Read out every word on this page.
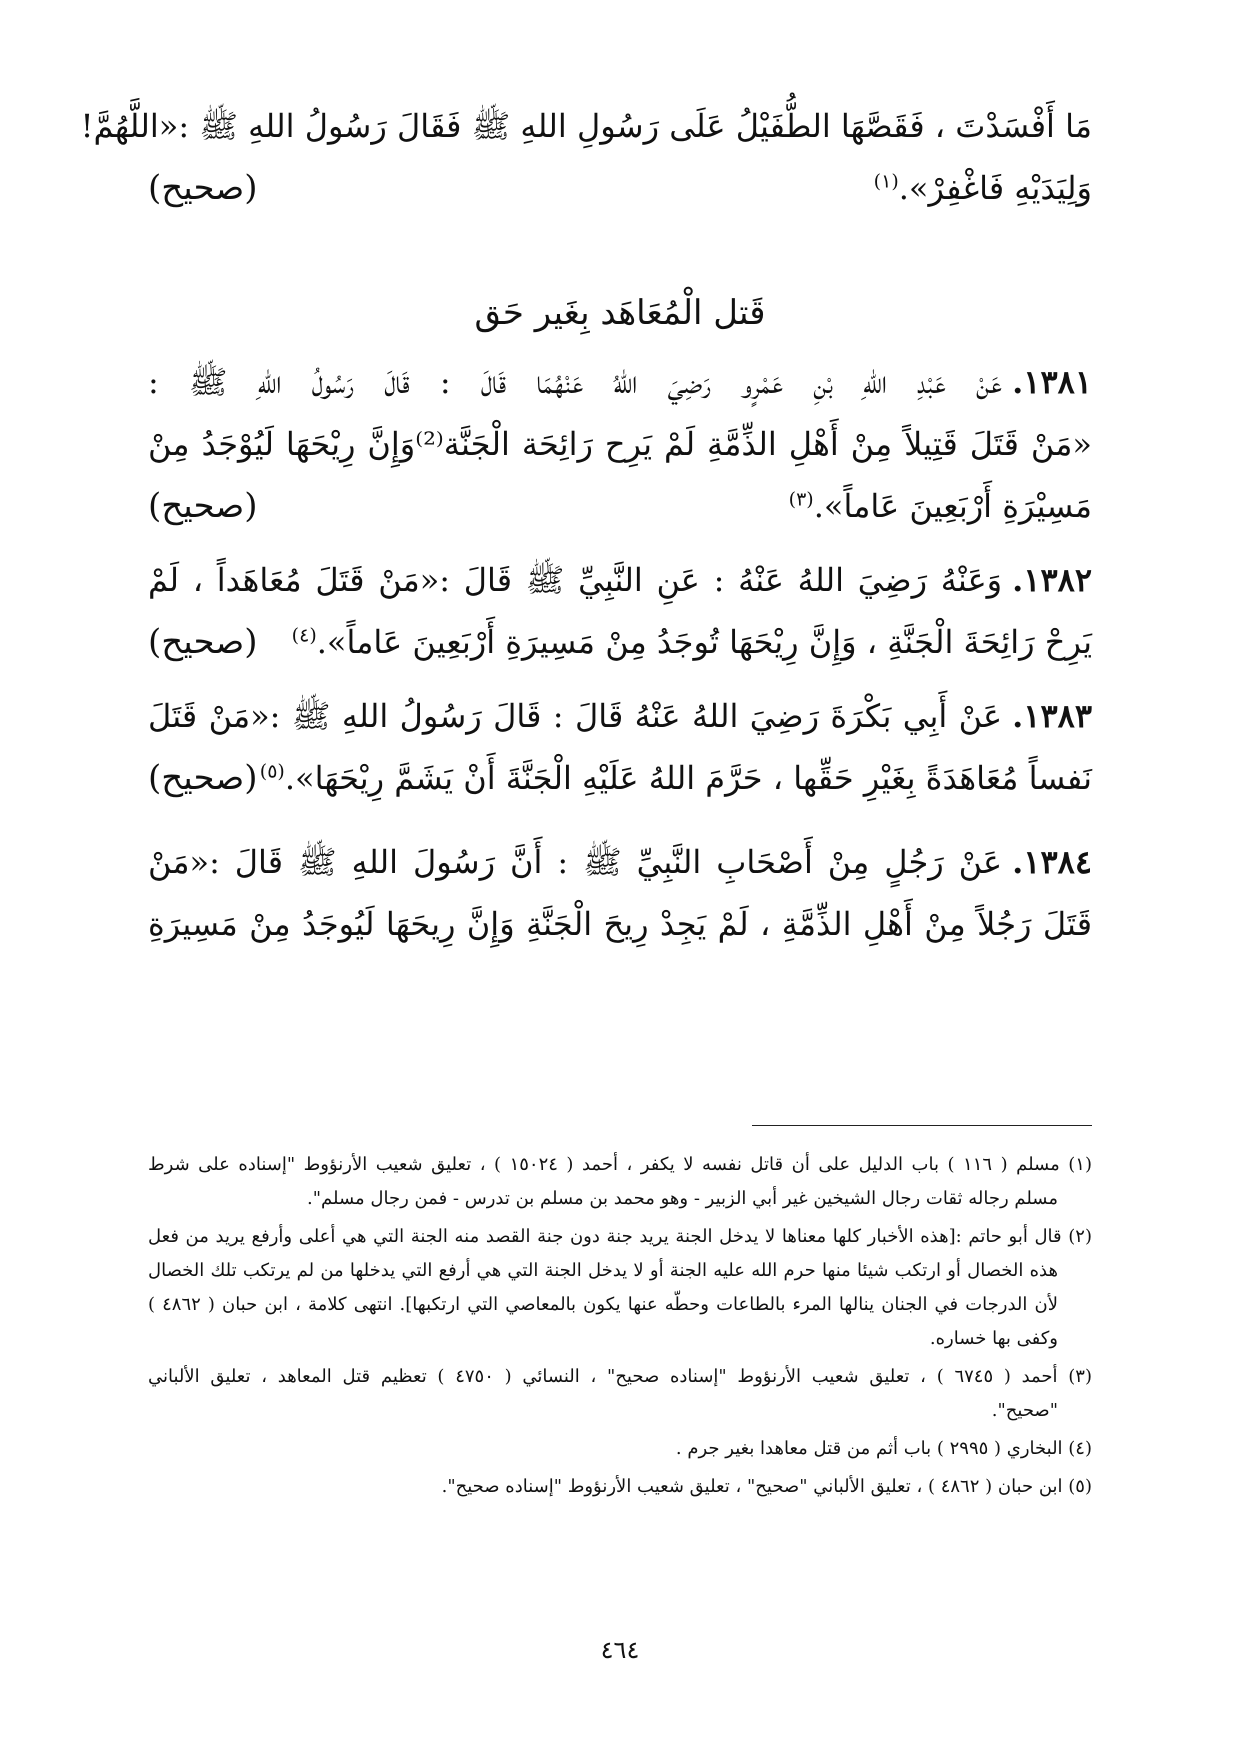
مَا أَفْسَدْتَ ، فَقَصَّهَا الطُّفَيْلُ عَلَى رَسُولِ اللهِ ﷺ فَقَالَ رَسُولُ اللهِ ﷺ :«اللَّهُمَّ!
وَلِيَدَيْهِ فَاغْفِرْ».$^{(١)}$
(صحيح)
قَتل الْمُعَاهَد بِغَير حَق
١٣٨١.عَنْ عَبْدِ اللهِ بْنِ عَمْرٍو رَضِيَ اللهُ عَنْهُمَا قَالَ : قَالَ رَسُولُ اللهِ ﷺ :
«مَنْ قَتَلَ قَتِيلاً مِنْ أَهْلِ الذِّمَّةِ لَمْ يَرِح رَائِحَة الْجَنَّة⁽²⁾وَإِنَّ رِيْحَهَا لَيُوْجَدُ مِنْ
مَسِيْرَةِ أَرْبَعِينَ عَاماً».$^{(٣)}$
(صحيح)
١٣٨٢.وَعَنْهُ رَضِيَ اللهُ عَنْهُ : عَنِ النَّبِيِّ ﷺ قَالَ :«مَنْ قَتَلَ مُعَاهَداً ، لَمْ
يَرِحْ رَائِحَةَ الْجَنَّةِ ، وَإِنَّ رِيْحَهَا تُوجَدُ مِنْ مَسِيرَةِ أَرْبَعِينَ عَاماً».$^{(٤)}$
(صحيح)
١٣٨٣.عَنْ أَبِي بَكْرَةَ رَضِيَ اللهُ عَنْهُ قَالَ : قَالَ رَسُولُ اللهِ ﷺ :«مَنْ قَتَلَ
نَفساً مُعَاهَدَةً بِغَيْرِ حَقِّها ، حَرَّمَ اللهُ عَلَيْهِ الْجَنَّةَ أَنْ يَشَمَّ رِيْحَهَا».$^{(٥)}$
(صحيح)
١٣٨٤.عَنْ رَجُلٍ مِنْ أَصْحَابِ النَّبِيِّ ﷺ : أَنَّ رَسُولَ اللهِ ﷺ قَالَ :«مَنْ
قَتَلَ رَجُلاً مِنْ أَهْلِ الذِّمَّةِ ، لَمْ يَجِدْ رِيحَ الْجَنَّةِ وَإِنَّ رِيحَهَا لَيُوجَدُ مِنْ مَسِيرَةِ
(١) مسلم ( ١١٦ ) باب الدليل على أن قاتل نفسه لا يكفر ، أحمد ( ١٥٠٢٤ ) ، تعليق شعيب الأرنؤوط "إسناده على شرط
مسلم رجاله ثقات رجال الشيخين غير أبي الزبير - وهو محمد بن مسلم بن تدرس - فمن رجال مسلم".
(٢) قال أبو حاتم :[هذه الأخبار كلها معناها لا يدخل الجنة يريد جنة دون جنة القصد منه الجنة التي هي أعلى وأرفع يريد من فعل
هذه الخصال أو ارتكب شيئا منها حرم الله عليه الجنة أو لا يدخل الجنة التي هي أرفع التي يدخلها من لم يرتكب تلك الخصال
لأن الدرجات في الجنان ينالها المرء بالطاعات وحطّه عنها يكون بالمعاصي التي ارتكبها]. انتهى كلامة ، ابن حبان ( ٤٨٦٢ )
وكفى بها خساره.
(٣) أحمد ( ٦٧٤٥ ) ، تعليق شعيب الأرنؤوط "إسناده صحيح" ، النسائي ( ٤٧٥٠ ) تعظيم قتل المعاهد ، تعليق الألباني
"صحيح".
(٤) البخاري ( ٢٩٩٥ ) باب أثم من قتل معاهدا بغير جرم .
(٥) ابن حبان ( ٤٨٦٢ ) ، تعليق الألباني "صحيح" ، تعليق شعيب الأرنؤوط "إسناده صحيح".
٤٦٤
